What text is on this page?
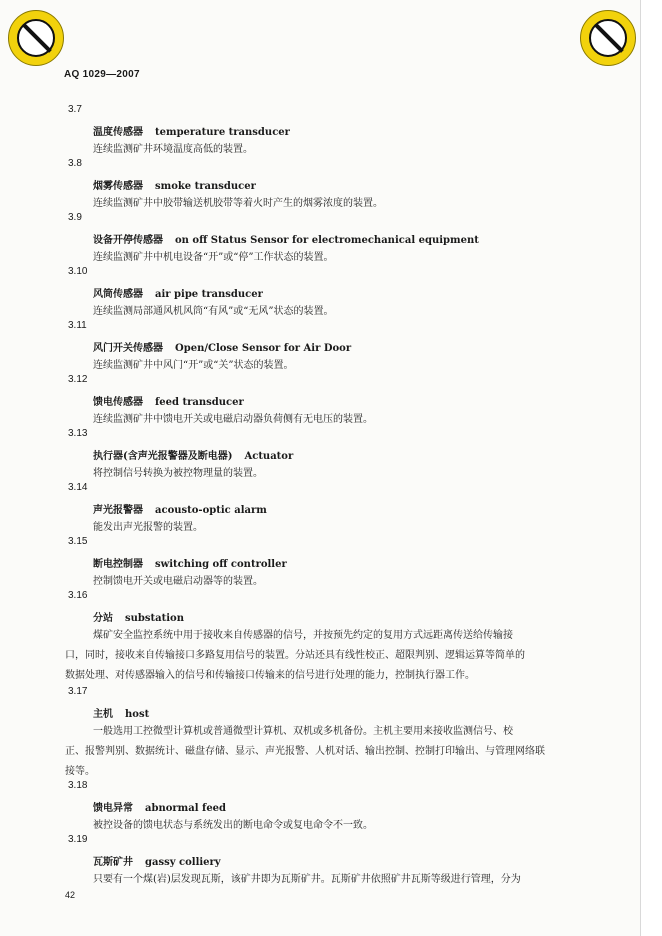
AQ 1029—2007
3.7
温度传感器 temperature transducer
连续监测矿井环境温度高低的装置。
3.8
烟雾传感器 smoke transducer
连续监测矿井中胶带输送机胶带等着火时产生的烟雾浓度的装置。
3.9
设备开停传感器 on off Status Sensor for electromechanical equipment
连续监测矿井中机电设备“开”或“停”工作状态的装置。
3.10
风筒传感器 air pipe transducer
连续监测局部通风机风筒“有风”或“无风”状态的装置。
3.11
风门开关传感器 Open/Close Sensor for Air Door
连续监测矿井中风门“开”或“关”状态的装置。
3.12
馈电传感器 feed transducer
连续监测矿井中馈电开关或电磁启动器负荷侧有无电压的装置。
3.13
执行器(含声光报警器及断电器) Actuator
将控制信号转换为被控物理量的装置。
3.14
声光报警器 acousto-optic alarm
能发出声光报警的装置。
3.15
断电控制器 switching off controller
控制馈电开关或电磁启动器等的装置。
3.16
分站 substation
煤矿安全监控系统中用于接收来自传感器的信号，并按预先约定的复用方式远距离传送给传输接
口，同时，接收来自传输接口多路复用信号的装置。分站还具有线性校正、超限判别、逻辑运算等简单的
数据处理、对传感器输入的信号和传输接口传输来的信号进行处理的能力，控制执行器工作。
3.17
主机 host
一般选用工控微型计算机或普通微型计算机、双机或多机备份。主机主要用来接收监测信号、校
正、报警判别、数据统计、磁盘存储、显示、声光报警、人机对话、输出控制、控制打印输出、与管理网络联
接等。
3.18
馈电异常 abnormal feed
被控设备的馈电状态与系统发出的断电命令或复电命令不一致。
3.19
瓦斯矿井 gassy colliery
只要有一个煤(岩)层发现瓦斯，该矿井即为瓦斯矿井。瓦斯矿井依照矿井瓦斯等级进行管理，分为
42
